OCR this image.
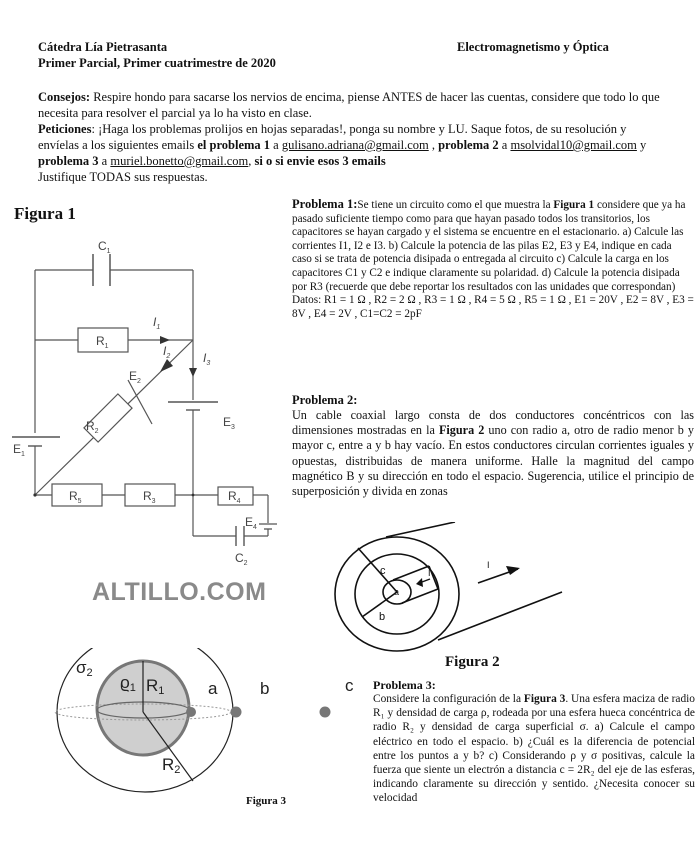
Cátedra Lía Pietrasanta	Electromagnetismo y Óptica
Primer Parcial, Primer cuatrimestre de 2020
Consejos: Respire hondo para sacarse los nervios de encima, piense ANTES de hacer las cuentas, considere que todo lo que necesita para resolver el parcial ya lo ha visto en clase.
Peticiones: ¡Haga los problemas prolijos en hojas separadas!, ponga su nombre y LU. Saque fotos, de su resolución y envíelas a los siguientes emails el problema 1 a gulisano.adriana@gmail.com , problema 2 a msolvidal10@gmail.com y problema 3 a muriel.bonetto@gmail.com, si o si envie esos 3 emails
Justifique TODAS sus respuestas.
Figura 1
$C_1$
$R_1$
$I_1$
$I_2$	$I_3$
$E_2$
$E_3$
$R_2$
$E_1$
$R_5$	$R_3$	$R_4$
$E_4$
$C_2$
ALTILLO.COM
Problema 1:Se tiene un circuito como el que muestra la Figura 1 considere que ya ha pasado suficiente tiempo como para que hayan pasado todos los transitorios, los capacitores se hayan cargado y el sistema se encuentre en el estacionario. a) Calcule las corrientes I1, I2 e I3. b) Calcule la potencia de las pilas E2, E3 y E4, indique en cada caso si se trata de potencia disipada o entregada al circuito c) Calcule la carga en los capacitores C1 y C2 e indique claramente su polaridad. d) Calcule la potencia disipada por R3 (recuerde que debe reportar los resultados con las unidades que correspondan) Datos: R1 = 1 Ω , R2 = 2 Ω , R3 = 1 Ω , R4 = 5 Ω , R5 = 1 Ω , E1 = 20V , E2 = 8V , E3 = 8V , E4 = 2V , C1=C2 = 2pF
Problema 2:
Un cable coaxial largo consta de dos conductores concéntricos con las dimensiones mostradas en la Figura 2 uno con radio a, otro de radio menor b y mayor c, entre a y b hay vacío. En estos conductores circulan corrientes iguales y opuestas, distribuidas de manera uniforme. Halle la magnitud del campo magnético B y su dirección en todo el espacio. Sugerencia, utilice el principio de superposición y divida en zonas
c
a
b
I
I
Figura 2
σ2 ϱ1 R1
R2
a	b	c
Figura 3
Problema 3:
Considere la configuración de la Figura 3. Una esfera maciza de radio R₁ y densidad de carga ρ, rodeada por una esfera hueca concéntrica de radio R₂ y densidad de carga superficial σ. a) Calcule el campo eléctrico en todo el espacio. b) ¿Cuál es la diferencia de potencial entre los puntos a y b? c) Considerando ρ y σ positivas, calcule la fuerza que siente un electrón a distancia c = 2R₂ del eje de las esferas, indicando claramente su dirección y sentido. ¿Necesita conocer su velocidad
